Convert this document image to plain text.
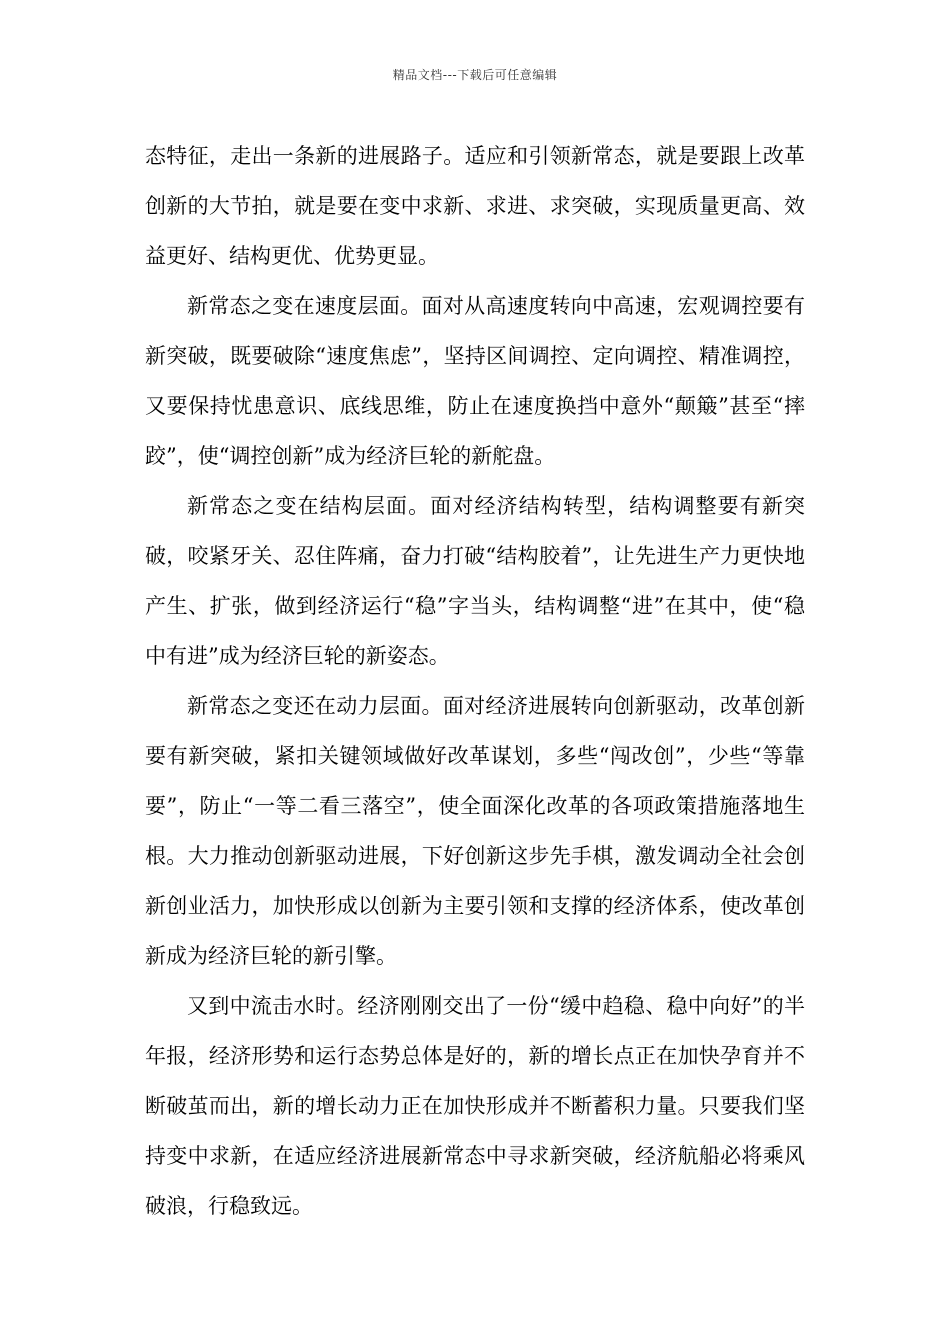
精品文档---下载后可任意编辑

态特征，走出一条新的进展路子。适应和引领新常态，就是要跟上改革创新的大节拍，就是要在变中求新、求进、求突破，实现质量更高、效益更好、结构更优、优势更显。

新常态之变在速度层面。面对从高速度转向中高速，宏观调控要有新突破，既要破除“速度焦虑”，坚持区间调控、定向调控、精准调控，又要保持忧患意识、底线思维，防止在速度换挡中意外“颠簸”甚至“摔跤”，使“调控创新”成为经济巨轮的新舵盘。

新常态之变在结构层面。面对经济结构转型，结构调整要有新突破，咬紧牙关、忍住阵痛，奋力打破“结构胶着”，让先进生产力更快地产生、扩张，做到经济运行“稳”字当头，结构调整“进”在其中，使“稳中有进”成为经济巨轮的新姿态。

新常态之变还在动力层面。面对经济进展转向创新驱动，改革创新要有新突破，紧扣关键领域做好改革谋划，多些“闯改创”，少些“等靠要”，防止“一等二看三落空”，使全面深化改革的各项政策措施落地生根。大力推动创新驱动进展，下好创新这步先手棋，激发调动全社会创新创业活力，加快形成以创新为主要引领和支撑的经济体系，使改革创新成为经济巨轮的新引擎。

又到中流击水时。经济刚刚交出了一份“缓中趋稳、稳中向好”的半年报，经济形势和运行态势总体是好的，新的增长点正在加快孕育并不断破茧而出，新的增长动力正在加快形成并不断蓄积力量。只要我们坚持变中求新，在适应经济进展新常态中寻求新突破，经济航船必将乘风破浪，行稳致远。
